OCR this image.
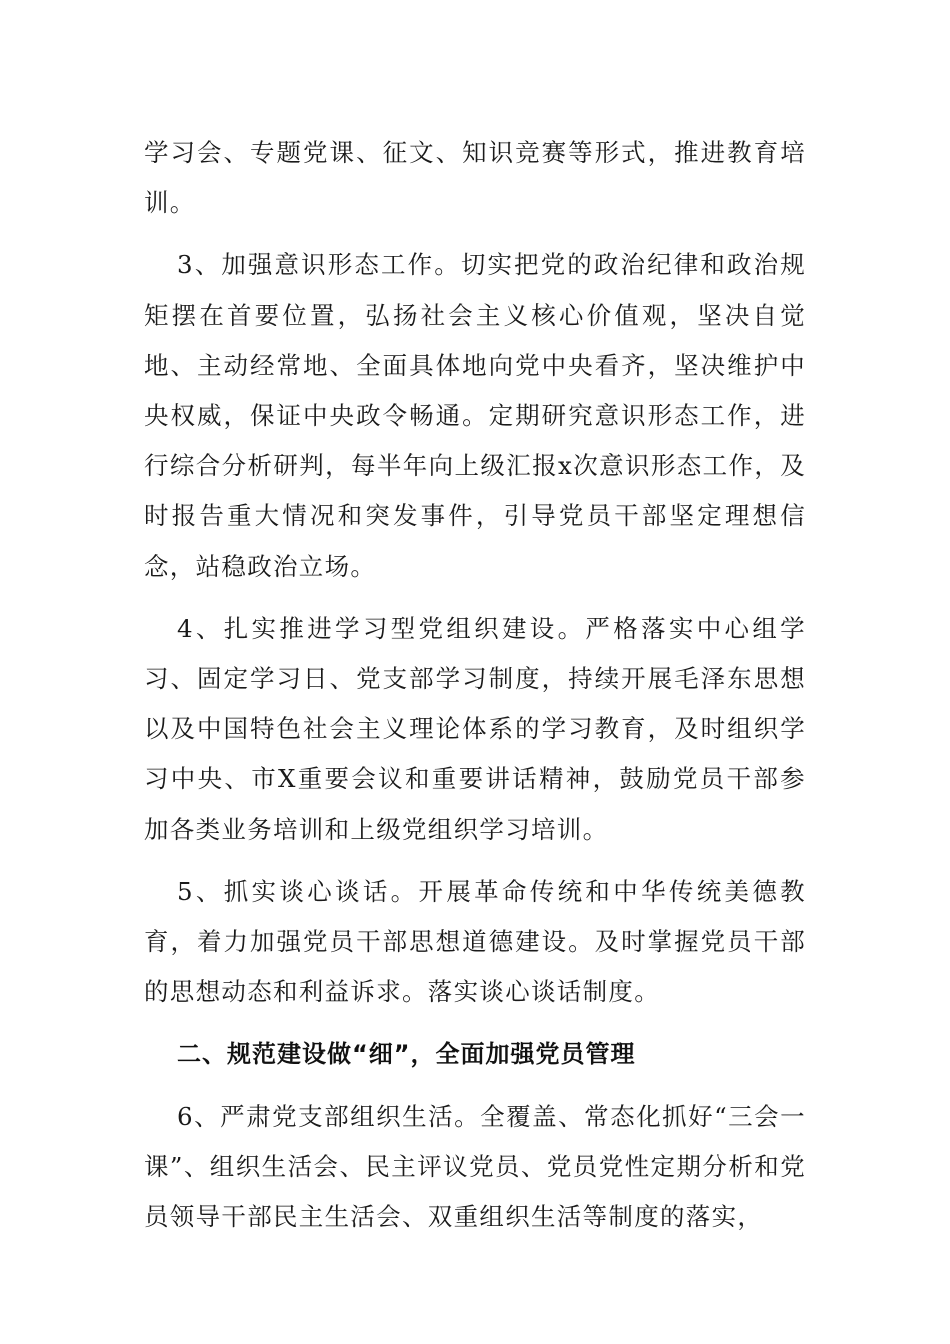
学习会、专题党课、征文、知识竞赛等形式，推进教育培训。

3、加强意识形态工作。切实把党的政治纪律和政治规矩摆在首要位置，弘扬社会主义核心价值观，坚决自觉地、主动经常地、全面具体地向党中央看齐，坚决维护中央权威，保证中央政令畅通。定期研究意识形态工作，进行综合分析研判，每半年向上级汇报x次意识形态工作，及时报告重大情况和突发事件，引导党员干部坚定理想信念，站稳政治立场。

4、扎实推进学习型党组织建设。严格落实中心组学习、固定学习日、党支部学习制度，持续开展毛泽东思想以及中国特色社会主义理论体系的学习教育，及时组织学习中央、市X重要会议和重要讲话精神，鼓励党员干部参加各类业务培训和上级党组织学习培训。

5、抓实谈心谈话。开展革命传统和中华传统美德教育，着力加强党员干部思想道德建设。及时掌握党员干部的思想动态和利益诉求。落实谈心谈话制度。

二、规范建设做“细”，全面加强党员管理

6、严肃党支部组织生活。全覆盖、常态化抓好“三会一课”、组织生活会、民主评议党员、党员党性定期分析和党员领导干部民主生活会、双重组织生活等制度的落实，
